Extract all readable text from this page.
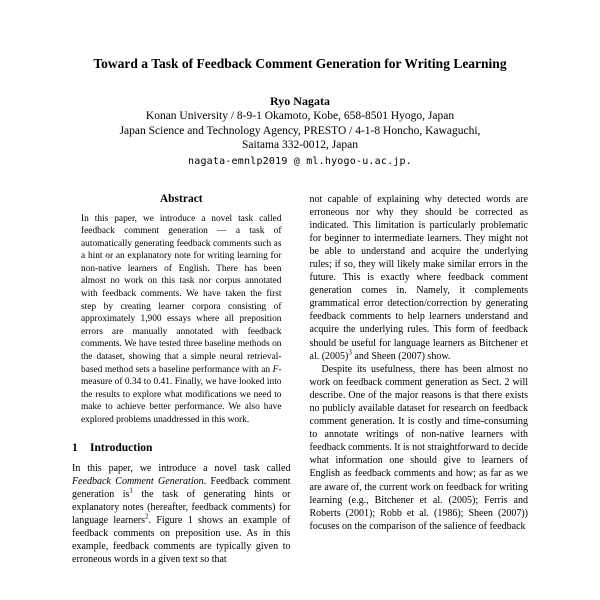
Toward a Task of Feedback Comment Generation for Writing Learning
Ryo Nagata
Konan University / 8-9-1 Okamoto, Kobe, 658-8501 Hyogo, Japan
Japan Science and Technology Agency, PRESTO / 4-1-8 Honcho, Kawaguchi,
Saitama 332-0012, Japan
nagata-emnlp2019 @ ml.hyogo-u.ac.jp.
Abstract

In this paper, we introduce a novel task called feedback comment generation — a task of automatically generating feedback comments such as a hint or an explanatory note for writing learning for non-native learners of English. There has been almost no work on this task nor corpus annotated with feedback comments. We have taken the first step by creating learner corpora consisting of approximately 1,900 essays where all preposition errors are manually annotated with feedback comments. We have tested three baseline methods on the dataset, showing that a simple neural retrieval-based method sets a baseline performance with an F-measure of 0.34 to 0.41. Finally, we have looked into the results to explore what modifications we need to make to achieve better performance. We also have explored problems unaddressed in this work.

1 Introduction

In this paper, we introduce a novel task called Feedback Comment Generation. Feedback comment generation $is^1$ the task of generating hints or explanatory notes (hereafter, feedback comments) for language learners$^2$. Figure 1 shows an example of feedback comments on preposition use. As in this example, feedback comments are typically given to erroneous words in a given text so that

not capable of explaining why detected words are erroneous nor why they should be corrected as indicated. This limitation is particularly problematic for beginner to intermediate learners. They might not be able to understand and acquire the underlying rules; if so, they will likely make similar errors in the future. This is exactly where feedback comment generation comes in. Namely, it complements grammatical error detection/correction by generating feedback comments to help learners understand and acquire the underlying rules. This form of feedback should be useful for language learners as Bitchener et al. $(2005)^3$ and Sheen (2007) show.

Despite its usefulness, there has been almost no work on feedback comment generation as Sect. 2 will describe. One of the major reasons is that there exists no publicly available dataset for research on feedback comment generation. It is costly and time-consuming to annotate writings of non-native learners with feedback comments. It is not straightforward to decide what information one should give to learners of English as feedback comments and how; as far as we are aware of, the current work on feedback for writing learning (e.g., Bitchener et al. (2005); Ferris and Roberts (2001); Robb et al. (1986); Sheen (2007)) focuses on the comparison of the salience of feedback
